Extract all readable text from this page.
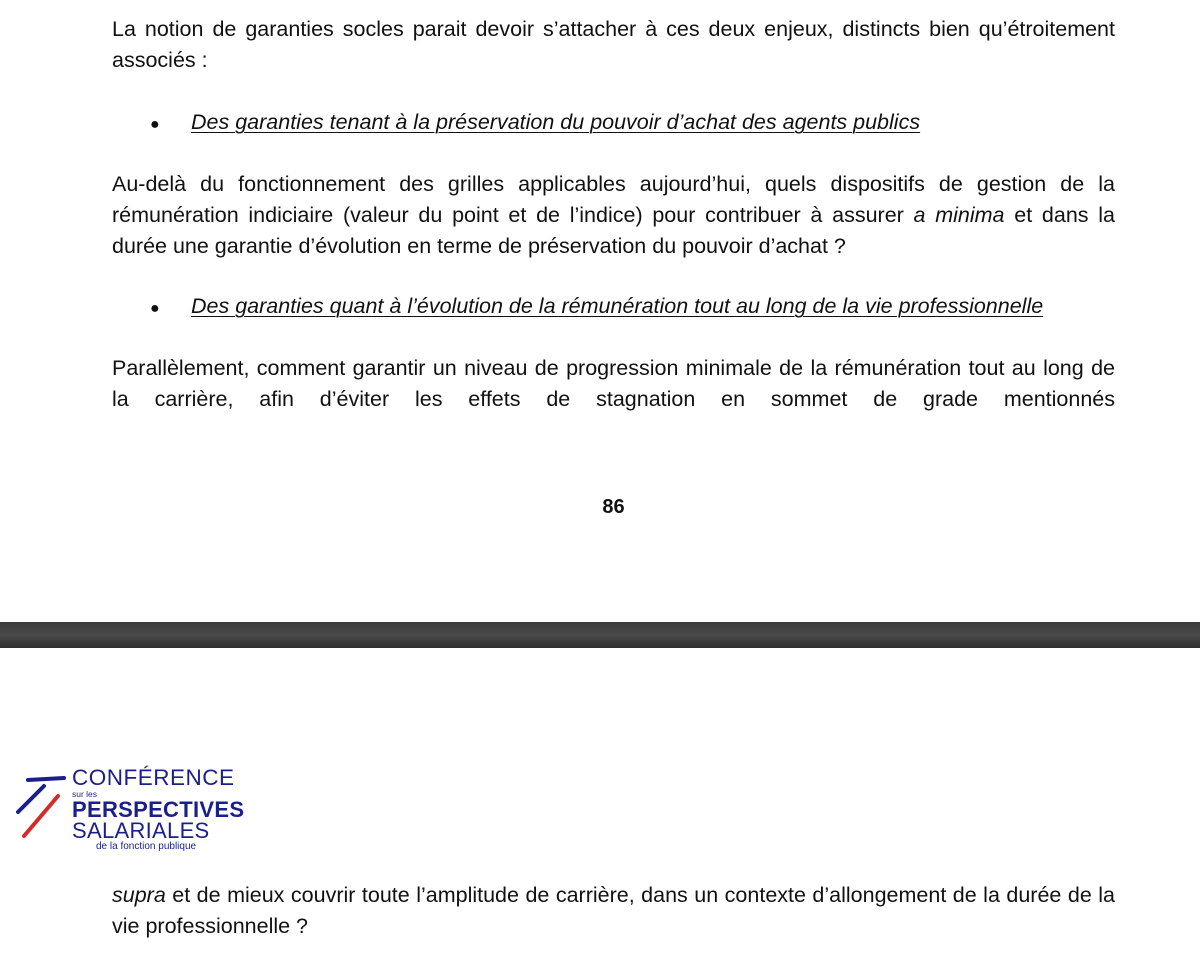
La notion de garanties socles parait devoir s’attacher à ces deux enjeux, distincts bien qu’étroitement associés :

●	Des garanties tenant à la préservation du pouvoir d’achat des agents publics

Au-delà du fonctionnement des grilles applicables aujourd’hui, quels dispositifs de gestion de la rémunération indiciaire (valeur du point et de l’indice) pour contribuer à assurer a minima et dans la durée une garantie d’évolution en terme de préservation du pouvoir d’achat ?

●	Des garanties quant à l’évolution de la rémunération tout au long de la vie professionnelle

Parallèlement, comment garantir un niveau de progression minimale de la rémunération tout au long de la carrière, afin d’éviter les effets de stagnation en sommet de grade mentionnés

86
CONFÉRENCE
sur les
PERSPECTIVES
SALARIALES
de la fonction publique

supra et de mieux couvrir toute l’amplitude de carrière, dans un contexte d’allongement de la durée de la vie professionnelle ?
